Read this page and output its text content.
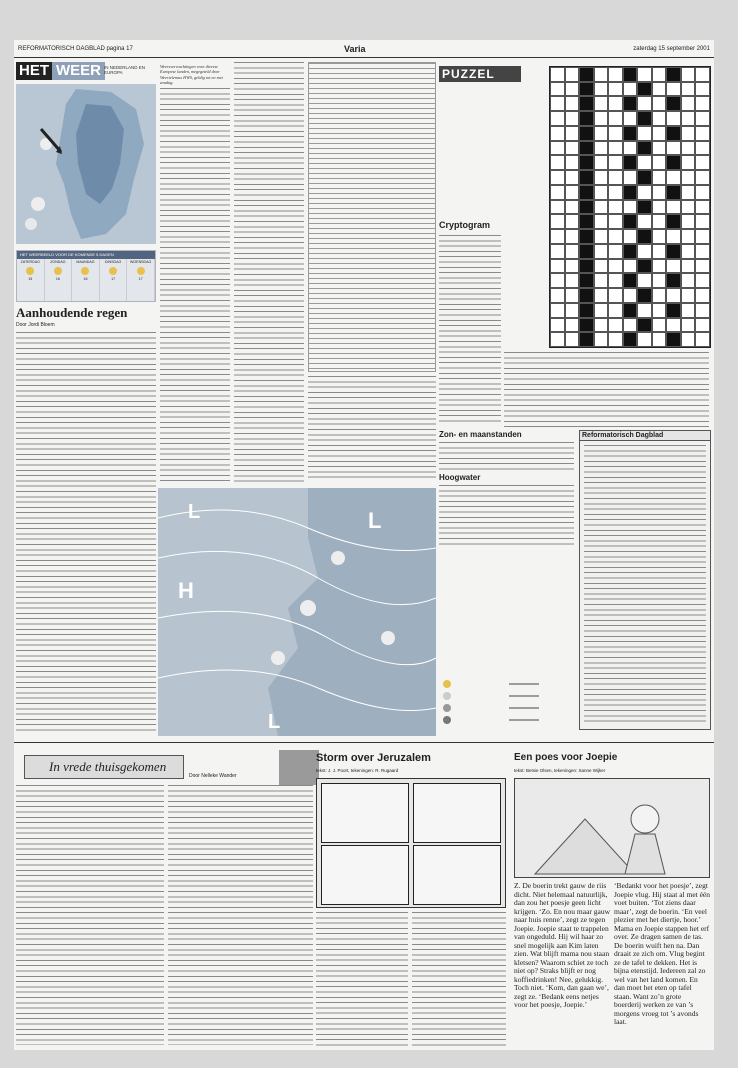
REFORMATORISCH DAGBLAD pagina 17	Varia	zaterdag 15 september 2001
HET WEER IN NEDERLAND EN EUROPA
HET WEERBEELD VOOR DE KOMENDE 5 DAGEN
ZATERDAG
15
ZONDAG
16
MAANDAG
16
DINSDAG
17
WOENSDAG
17
Aanhoudende regen
Door Jordi Bloem
Weersverwachtingen voor diverse Europese landen, megegeteld door Weertelemax HWS, geldig tot en met zondag.
H
L
L
L
PUZZEL
Cryptogram
Zon- en maanstanden
Hoogwater
Reformatorisch Dagblad
In vrede thuisgekomen
Door Nelleke Wander
Storm over Jeruzalem
tekst: J. J. Poort, tekeningen: R. Rugaard
Een poes voor Joepie
tekst: Betsie Olsen, tekeningen: Sanne Wijker
Z. De boerin trekt gauw de riis dicht. Niet helemaal natuurlijk, dan zou het poesje geen licht krijgen. ‘Zo. En nou maar gauw naar huis renne’, zegt ze tegen Joepie. Joepie staat te trappelen van ongeduld. Hij wil haar zo snel mogelijk aan Kim laten zien. Wat blijft mama nou staan kletsen? Waarom schiet ze toch niet op? Straks blijft er nog koffiedrinken! Nee, gelukkig. Toch niet. ‘Kom, dan gaan we’, zegt ze. ‘Bedank eens netjes voor het poesje, Joepie.’
‘Bedankt voor het poesje’, zegt Joepie vlug. Hij staat al met één voet buiten. ‘Tot ziens daar maar’, zegt de boerin. ‘En veel plezier met het diertje, hoor.’ Mama en Joepie stappen het erf over. Ze dragen samen de tas. De boerin wuift hen na. Dan draait ze zich om. Vlug begint ze de tafel te dekken. Het is bijna etenstijd. Iedereen zal zo wel van het land komen. En dan moet het eten op tafel staan. Want zo’n grote boerderij werken ze van ’s morgens vroeg tot ’s avonds laat.
